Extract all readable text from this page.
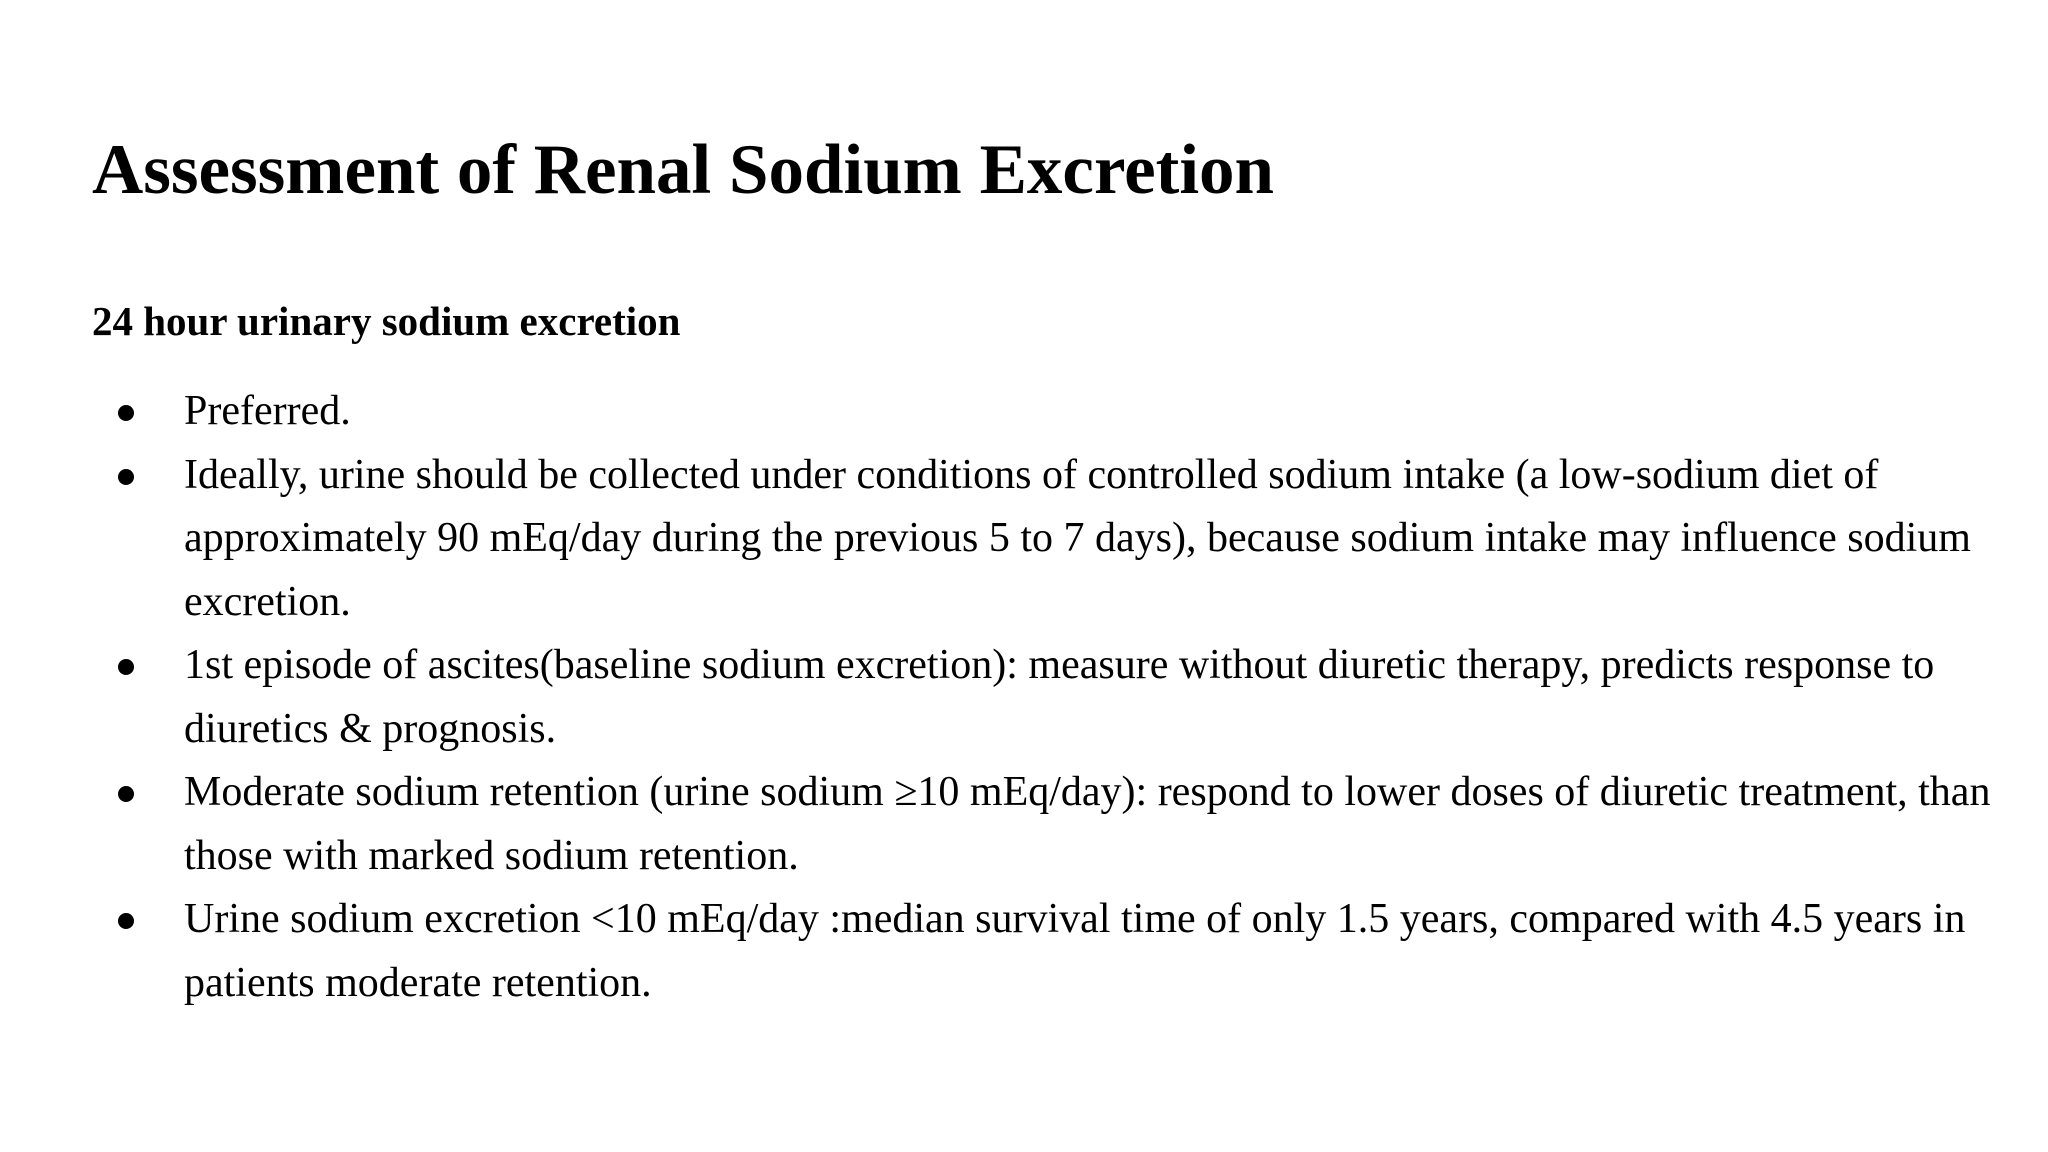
Assessment of Renal Sodium Excretion
24 hour urinary sodium excretion
Preferred.
Ideally, urine should be collected under conditions of controlled sodium intake (a low-sodium diet of approximately 90 mEq/day during the previous 5 to 7 days), because sodium intake may influence sodium excretion.
1st episode of ascites(baseline sodium excretion): measure without diuretic therapy, predicts response to diuretics & prognosis.
Moderate sodium retention (urine sodium ≥10 mEq/day): respond to lower doses of diuretic treatment, than those with marked sodium retention.
Urine sodium excretion <10 mEq/day :median survival time of only 1.5 years, compared with 4.5 years in patients moderate retention.
